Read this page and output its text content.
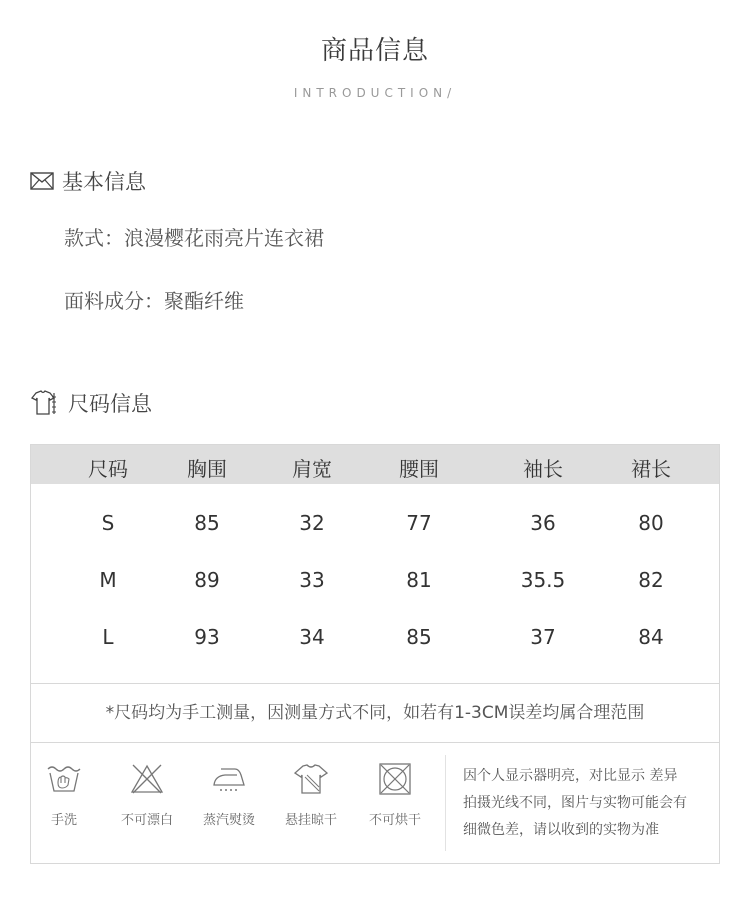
商品信息
INTRODUCTION/
基本信息
款式：浪漫樱花雨亮片连衣裙
面料成分：聚酯纤维
尺码信息
尺码	胸围	肩宽	腰围	袖长	裙长
S	85	32	77	36	80
M	89	33	81	35.5	82
L	93	34	85	37	84
*尺码均为手工测量，因测量方式不同，如若有1-3CM误差均属合理范围
手洗	不可漂白	蒸汽熨烫	悬挂晾干	不可烘干
因个人显示器明亮，对比显示 差异
拍摄光线不同，图片与实物可能会有
细微色差，请以收到的实物为准
